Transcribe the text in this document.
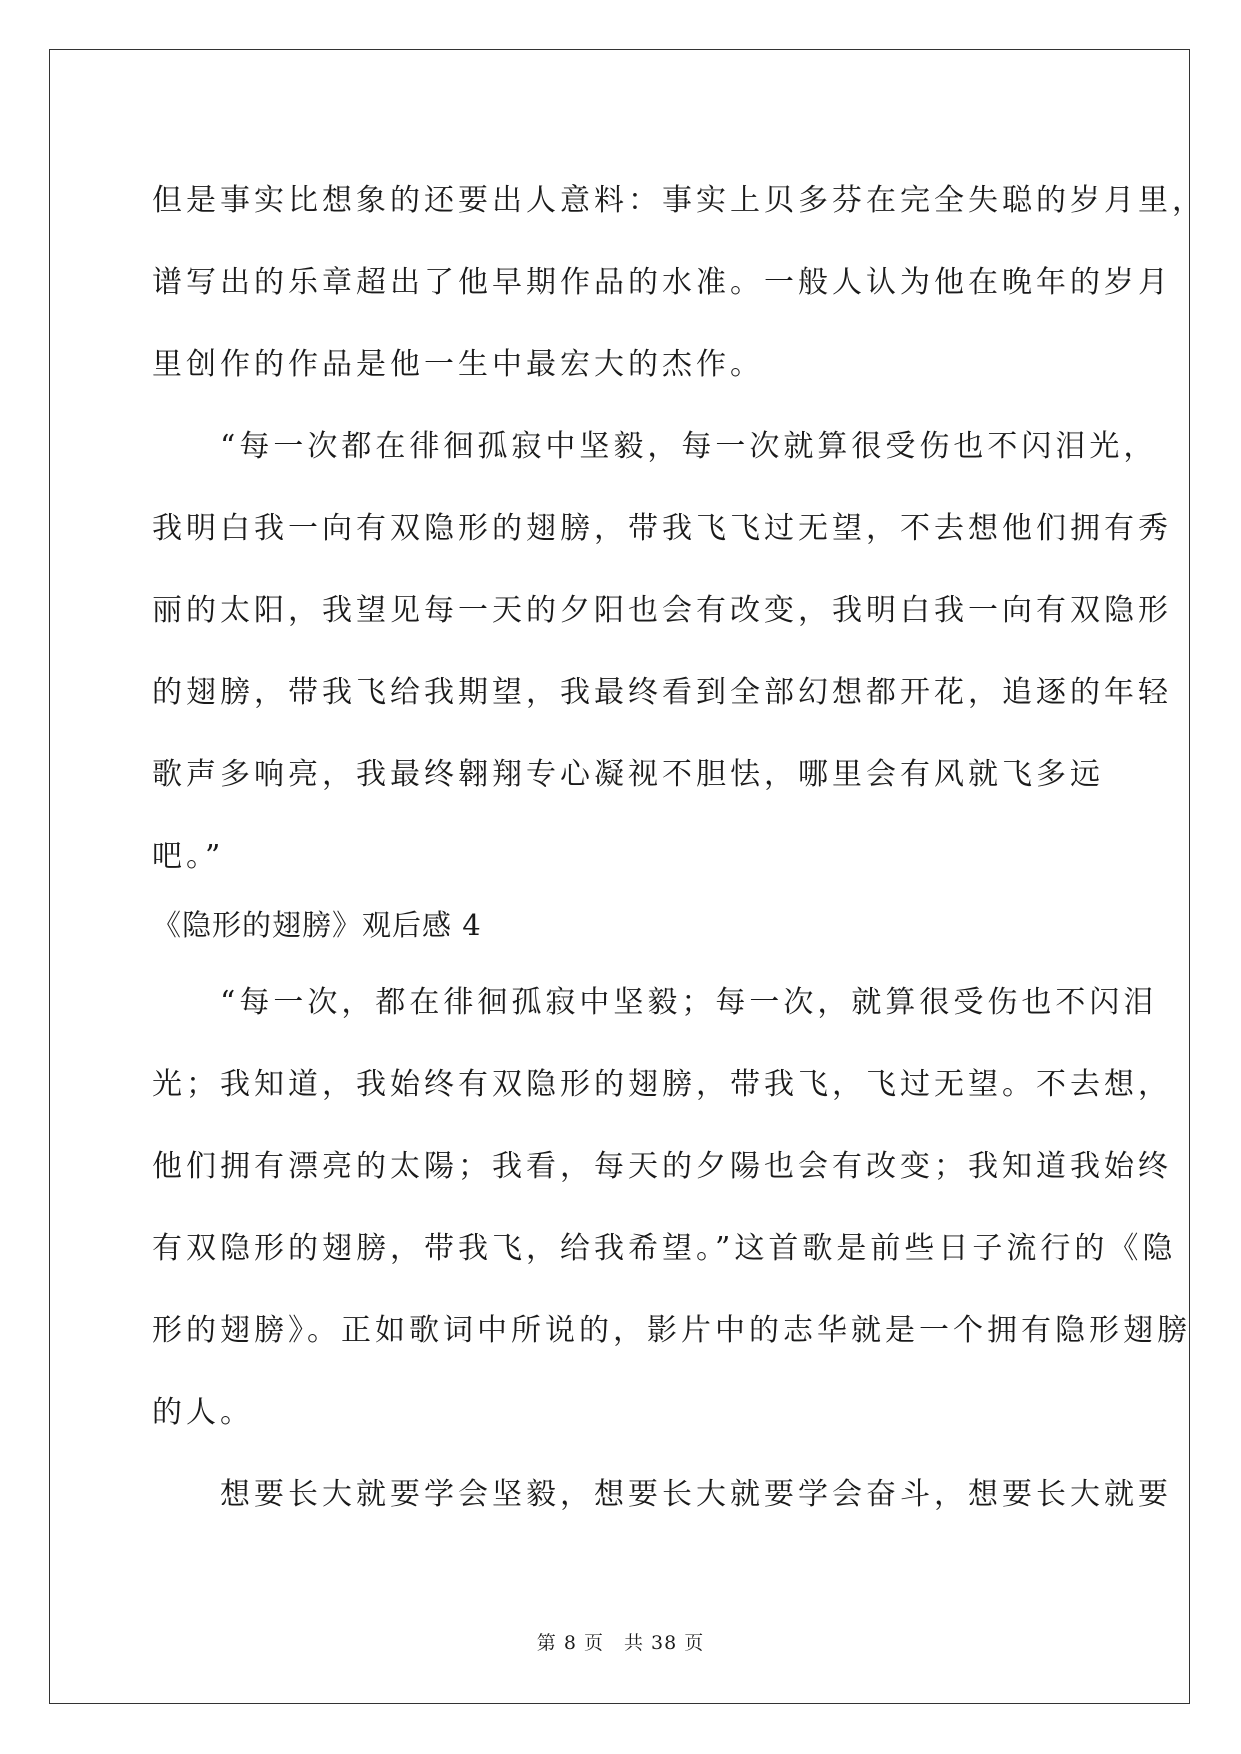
但是事实比想象的还要出人意料：事实上贝多芬在完全失聪的岁月里，
谱写出的乐章超出了他早期作品的水准。一般人认为他在晚年的岁月
里创作的作品是他一生中最宏大的杰作。
　　“每一次都在徘徊孤寂中坚毅，每一次就算很受伤也不闪泪光，
我明白我一向有双隐形的翅膀，带我飞飞过无望，不去想他们拥有秀
丽的太阳，我望见每一天的夕阳也会有改变，我明白我一向有双隐形
的翅膀，带我飞给我期望，我最终看到全部幻想都开花，追逐的年轻
歌声多响亮，我最终翱翔专心凝视不胆怯，哪里会有风就飞多远
吧。”
《隐形的翅膀》观后感 4
　　“每一次，都在徘徊孤寂中坚毅；每一次，就算很受伤也不闪泪
光；我知道，我始终有双隐形的翅膀，带我飞，飞过无望。不去想，
他们拥有漂亮的太陽；我看，每天的夕陽也会有改变；我知道我始终
有双隐形的翅膀，带我飞，给我希望。”这首歌是前些日子流行的《隐
形的翅膀》。正如歌词中所说的，影片中的志华就是一个拥有隐形翅膀
的人。
　　想要长大就要学会坚毅，想要长大就要学会奋斗，想要长大就要
第 8 页　共 38 页
